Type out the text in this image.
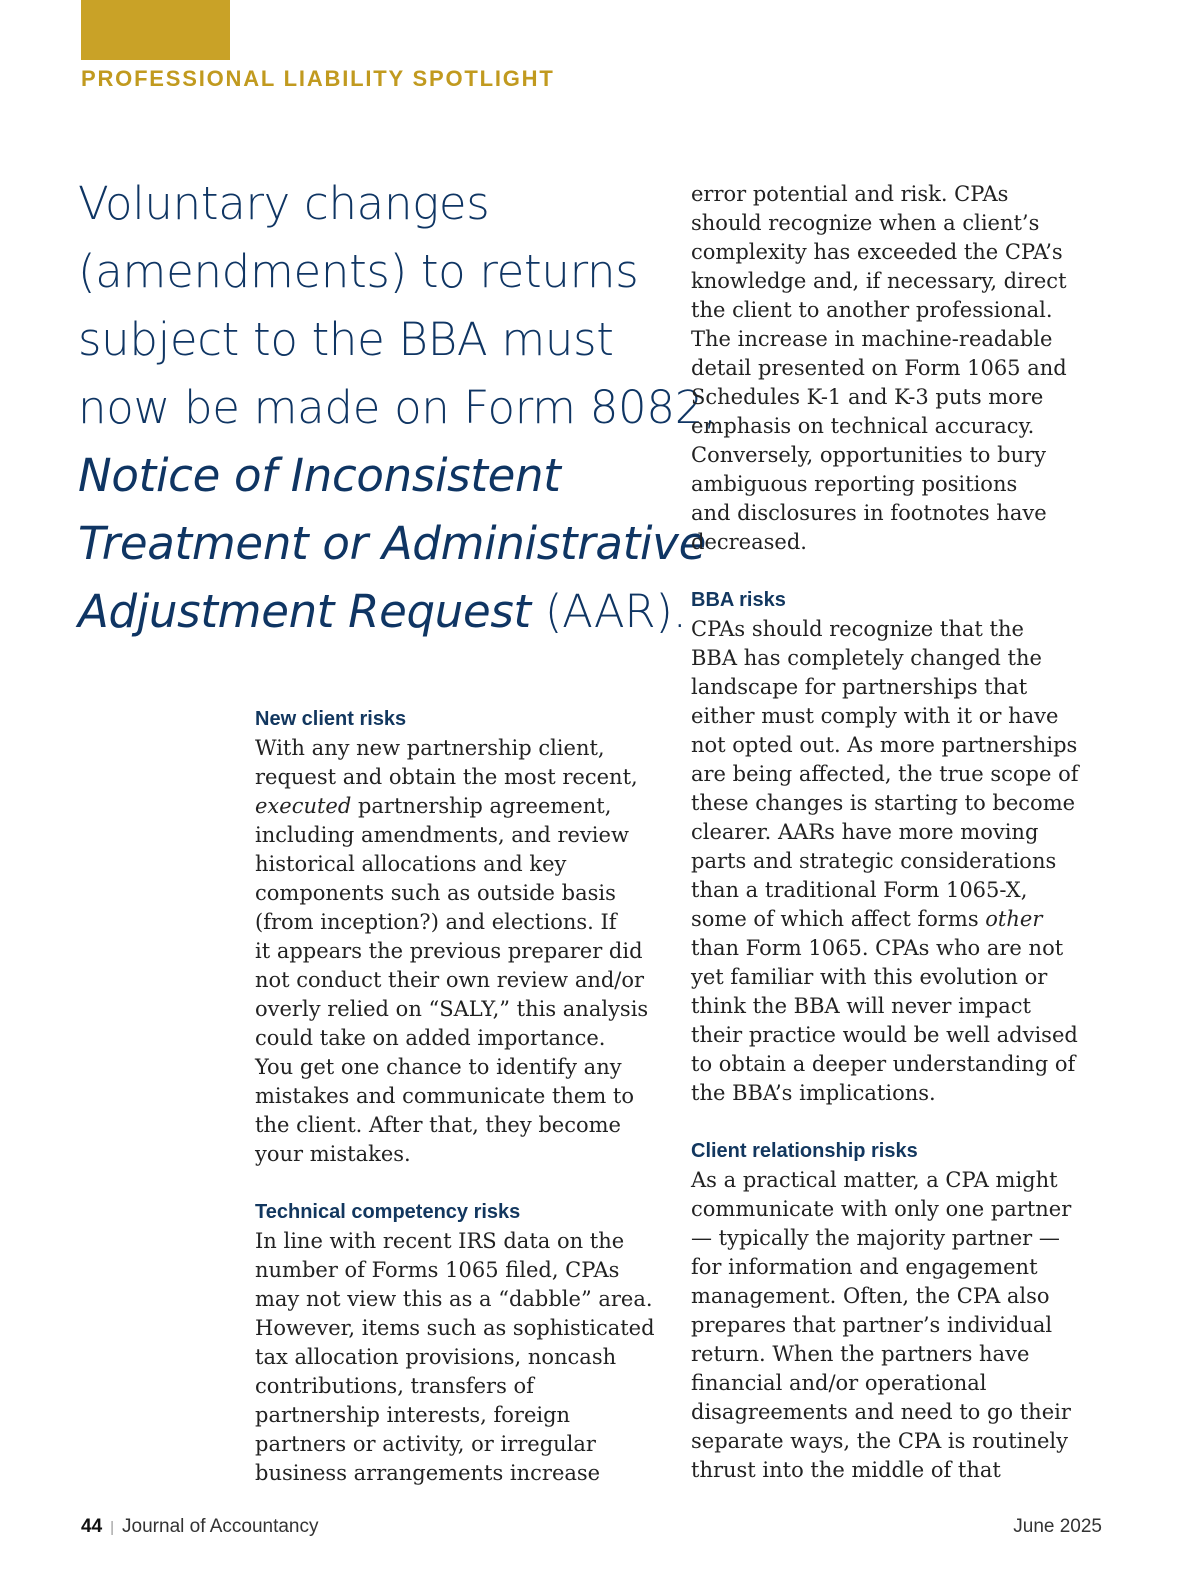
PROFESSIONAL LIABILITY SPOTLIGHT
Voluntary changes
(amendments) to returns
subject to the BBA must
now be made on Form 8082,
Notice of Inconsistent
Treatment or Administrative
Adjustment Request (AAR).
New client risks
With any new partnership client,
request and obtain the most recent,
executed partnership agreement,
including amendments, and review
historical allocations and key
components such as outside basis
(from inception?) and elections. If
it appears the previous preparer did
not conduct their own review and/or
overly relied on “SALY,” this analysis
could take on added importance.
You get one chance to identify any
mistakes and communicate them to
the client. After that, they become
your mistakes.
Technical competency risks
In line with recent IRS data on the
number of Forms 1065 filed, CPAs
may not view this as a “dabble” area.
However, items such as sophisticated
tax allocation provisions, noncash
contributions, transfers of
partnership interests, foreign
partners or activity, or irregular
business arrangements increase
error potential and risk. CPAs
should recognize when a client’s
complexity has exceeded the CPA’s
knowledge and, if necessary, direct
the client to another professional.
The increase in machine-readable
detail presented on Form 1065 and
Schedules K-1 and K-3 puts more
emphasis on technical accuracy.
Conversely, opportunities to bury
ambiguous reporting positions
and disclosures in footnotes have
decreased.
BBA risks
CPAs should recognize that the
BBA has completely changed the
landscape for partnerships that
either must comply with it or have
not opted out. As more partnerships
are being affected, the true scope of
these changes is starting to become
clearer. AARs have more moving
parts and strategic considerations
than a traditional Form 1065-X,
some of which affect forms other
than Form 1065. CPAs who are not
yet familiar with this evolution or
think the BBA will never impact
their practice would be well advised
to obtain a deeper understanding of
the BBA’s implications.
Client relationship risks
As a practical matter, a CPA might
communicate with only one partner
— typically the majority partner —
for information and engagement
management. Often, the CPA also
prepares that partner’s individual
return. When the partners have
financial and/or operational
disagreements and need to go their
separate ways, the CPA is routinely
thrust into the middle of that
44 | Journal of Accountancy	June 2025
